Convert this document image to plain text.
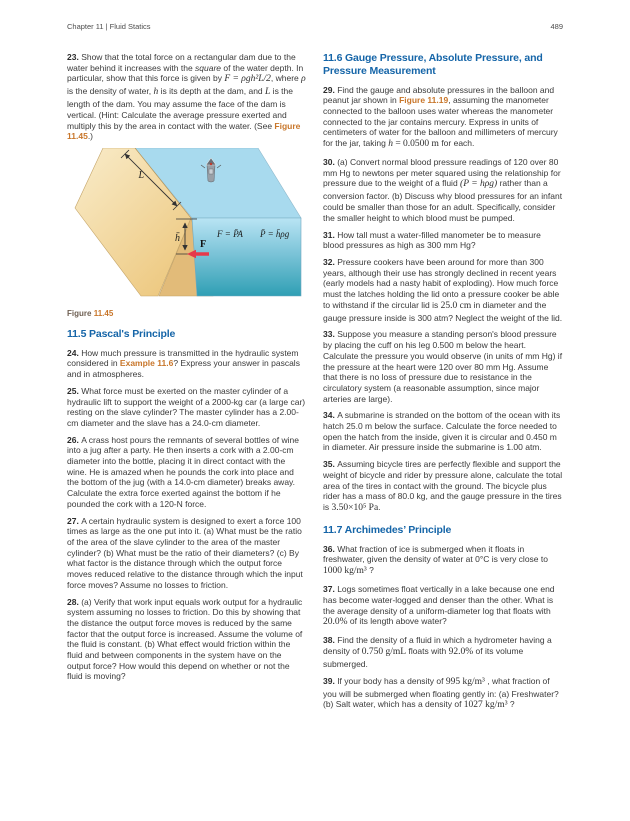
Chapter 11 | Fluid Statics	489

23. Show that the total force on a rectangular dam due to the water behind it increases with the square of the water depth. In particular, show that this force is given by F = ρgh²L/2, where ρ is the density of water, h is its depth at the dam, and L is the length of the dam. You may assume the face of the dam is vertical. (Hint: Calculate the average pressure exerted and multiply this by the area in contact with the water. (See Figure 11.45.)

L
h̄
F
F = P̄A P̄ = h̄ρg
Figure 11.45
11.5 Pascal's Principle

24. How much pressure is transmitted in the hydraulic system considered in Example 11.6? Express your answer in pascals and in atmospheres.

25. What force must be exerted on the master cylinder of a hydraulic lift to support the weight of a 2000-kg car (a large car) resting on the slave cylinder? The master cylinder has a 2.00-cm diameter and the slave has a 24.0-cm diameter.

26. A crass host pours the remnants of several bottles of wine into a jug after a party. He then inserts a cork with a 2.00-cm diameter into the bottle, placing it in direct contact with the wine. He is amazed when he pounds the cork into place and the bottom of the jug (with a 14.0-cm diameter) breaks away. Calculate the extra force exerted against the bottom if he pounded the cork with a 120-N force.

27. A certain hydraulic system is designed to exert a force 100 times as large as the one put into it. (a) What must be the ratio of the area of the slave cylinder to the area of the master cylinder? (b) What must be the ratio of their diameters? (c) By what factor is the distance through which the output force moves reduced relative to the distance through which the input force moves? Assume no losses to friction.

28. (a) Verify that work input equals work output for a hydraulic system assuming no losses to friction. Do this by showing that the distance the output force moves is reduced by the same factor that the output force is increased. Assume the volume of the fluid is constant. (b) What effect would friction within the fluid and between components in the system have on the output force? How would this depend on whether or not the fluid is moving?

11.6 Gauge Pressure, Absolute Pressure, and Pressure Measurement

29. Find the gauge and absolute pressures in the balloon and peanut jar shown in Figure 11.19, assuming the manometer connected to the balloon uses water whereas the manometer connected to the jar contains mercury. Express in units of centimeters of water for the balloon and millimeters of mercury for the jar, taking h = 0.0500 m for each.

30. (a) Convert normal blood pressure readings of 120 over 80 mm Hg to newtons per meter squared using the relationship for pressure due to the weight of a fluid (P = hρg) rather than a conversion factor. (b) Discuss why blood pressures for an infant could be smaller than those for an adult. Specifically, consider the smaller height to which blood must be pumped.

31. How tall must a water-filled manometer be to measure blood pressures as high as 300 mm Hg?

32. Pressure cookers have been around for more than 300 years, although their use has strongly declined in recent years (early models had a nasty habit of exploding). How much force must the latches holding the lid onto a pressure cooker be able to withstand if the circular lid is 25.0 cm in diameter and the gauge pressure inside is 300 atm? Neglect the weight of the lid.

33. Suppose you measure a standing person's blood pressure by placing the cuff on his leg 0.500 m below the heart. Calculate the pressure you would observe (in units of mm Hg) if the pressure at the heart were 120 over 80 mm Hg. Assume that there is no loss of pressure due to resistance in the circulatory system (a reasonable assumption, since major arteries are large).

34. A submarine is stranded on the bottom of the ocean with its hatch 25.0 m below the surface. Calculate the force needed to open the hatch from the inside, given it is circular and 0.450 m in diameter. Air pressure inside the submarine is 1.00 atm.

35. Assuming bicycle tires are perfectly flexible and support the weight of bicycle and rider by pressure alone, calculate the total area of the tires in contact with the ground. The bicycle plus rider has a mass of 80.0 kg, and the gauge pressure in the tires is 3.50×10⁵ Pa.

11.7 Archimedes’ Principle

36. What fraction of ice is submerged when it floats in freshwater, given the density of water at 0°C is very close to 1000 kg/m³ ?

37. Logs sometimes float vertically in a lake because one end has become water-logged and denser than the other. What is the average density of a uniform-diameter log that floats with 20.0% of its length above water?

38. Find the density of a fluid in which a hydrometer having a density of 0.750 g/mL floats with 92.0% of its volume submerged.

39. If your body has a density of 995 kg/m³ , what fraction of you will be submerged when floating gently in: (a) Freshwater? (b) Salt water, which has a density of 1027 kg/m³ ?
